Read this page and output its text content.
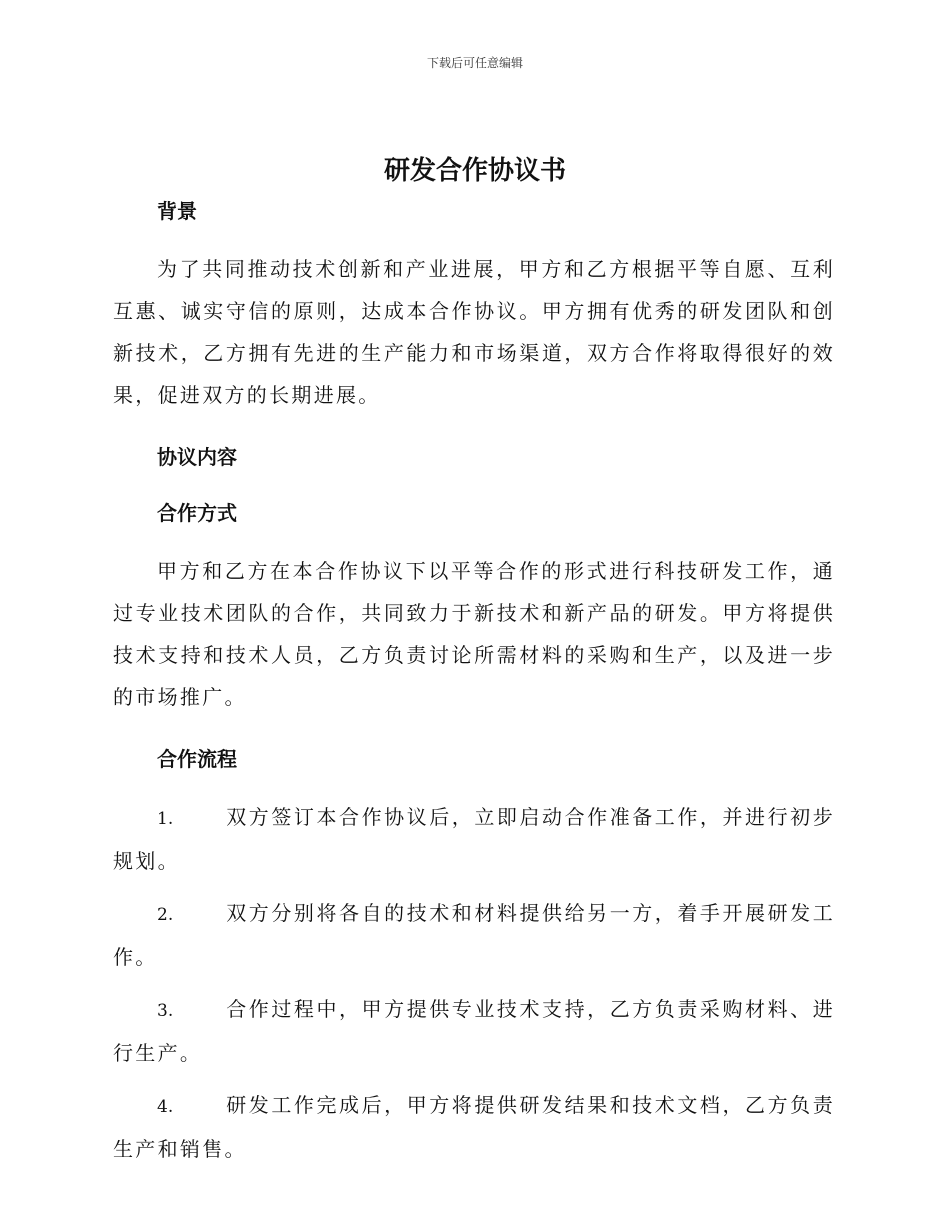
下载后可任意编辑
研发合作协议书

背景

为了共同推动技术创新和产业进展，甲方和乙方根据平等自愿、互利互惠、诚实守信的原则，达成本合作协议。甲方拥有优秀的研发团队和创新技术，乙方拥有先进的生产能力和市场渠道，双方合作将取得很好的效果，促进双方的长期进展。

协议内容

合作方式

甲方和乙方在本合作协议下以平等合作的形式进行科技研发工作，通过专业技术团队的合作，共同致力于新技术和新产品的研发。甲方将提供技术支持和技术人员，乙方负责讨论所需材料的采购和生产，以及进一步的市场推广。

合作流程

1.	双方签订本合作协议后，立即启动合作准备工作，并进行初步规划。

2.	双方分别将各自的技术和材料提供给另一方，着手开展研发工作。

3.	合作过程中，甲方提供专业技术支持，乙方负责采购材料、进行生产。

4.	研发工作完成后，甲方将提供研发结果和技术文档，乙方负责生产和销售。
